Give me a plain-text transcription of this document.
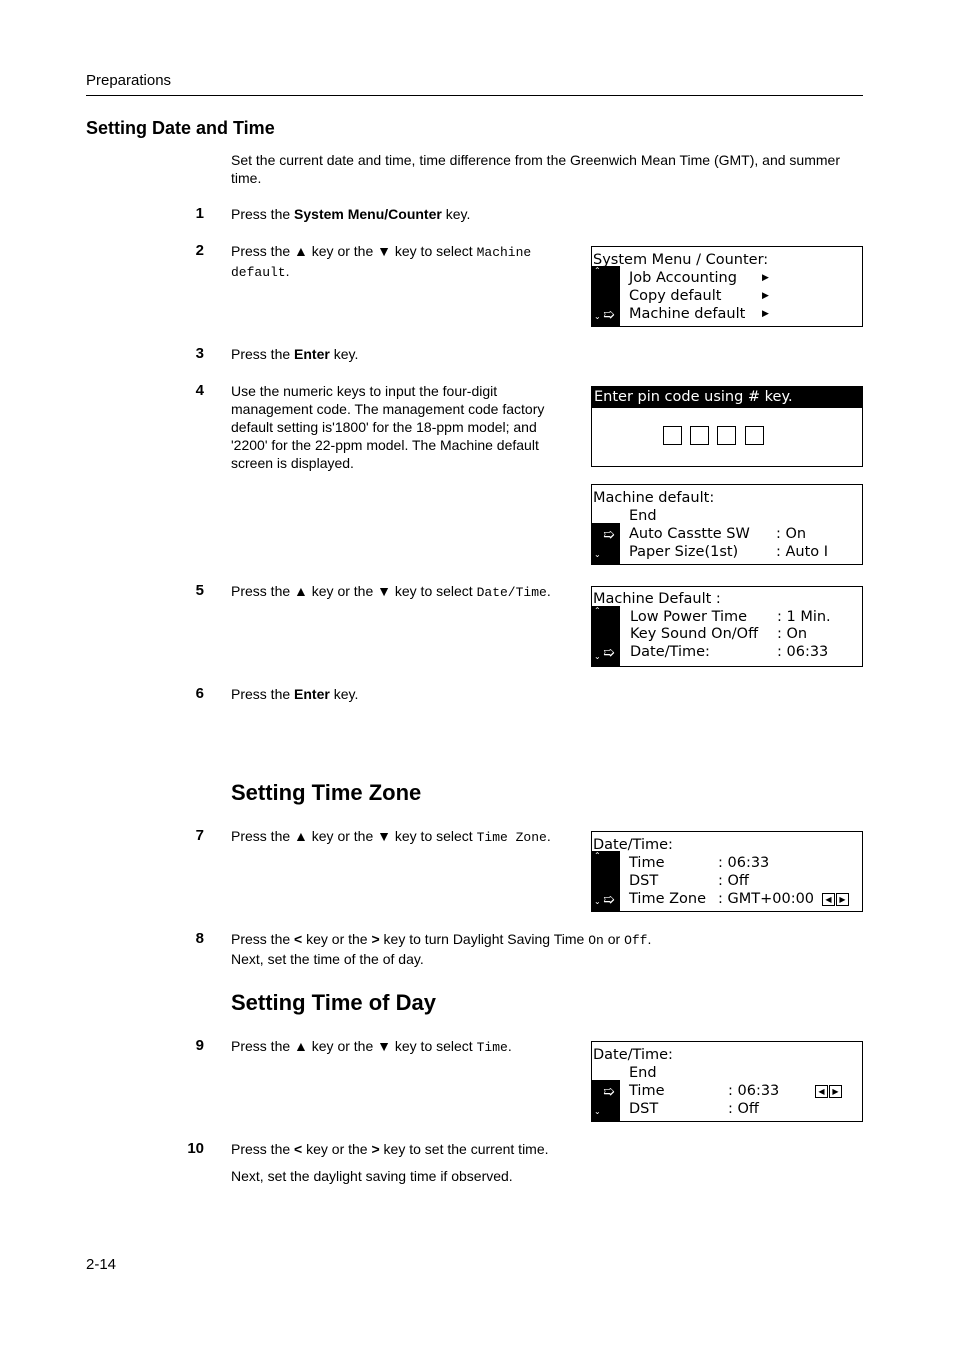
Preparations
Setting Date and Time
Set the current date and time, time difference from the Greenwich Mean Time (GMT), and summer time.
1 Press the System Menu/Counter key.
2 Press the ▲ key or the ▼ key to select Machine default.	⌃
⌄ ➯
System Menu / Counter:
Job Accounting	▶
Copy default	▶
Machine default ▶
3 Press the Enter key.
4 Use the numeric keys to input the four-digit management code. The management code factory default setting is'1800' for the 18-ppm model; and '2200' for the 22-ppm model. The Machine default screen is displayed.
Enter pin code using # key.
⌄
➯
Machine default:
End
Auto Casstte SW : On
Paper Size(1st)	: Auto I
5 Press the ▲ key or the ▼ key to select Date/Time.
⌃
⌄ ➯
Machine Default :
Low Power Time : 1 Min.
Key Sound On/Off : On
Date/Time:	: 06:33
6 Press the Enter key.
Setting Time Zone
7 Press the ▲ key or the ▼ key to select Time Zone.
⌃
⌄ ➯
Date/Time:
Time	: 06:33
DST	: Off
Time Zone : GMT+00:00	◀ ▶
8 Press the < key or the > key to turn Daylight Saving Time On or Off.
Next, set the time of the of day.
Setting Time of Day
9 Press the ▲ key or the ▼ key to select Time.
⌄
➯
Date/Time:
End
Time	: 06:33	◀ ▶
DST	: Off
10 Press the < key or the > key to set the current time.
Next, set the daylight saving time if observed.
2-14
